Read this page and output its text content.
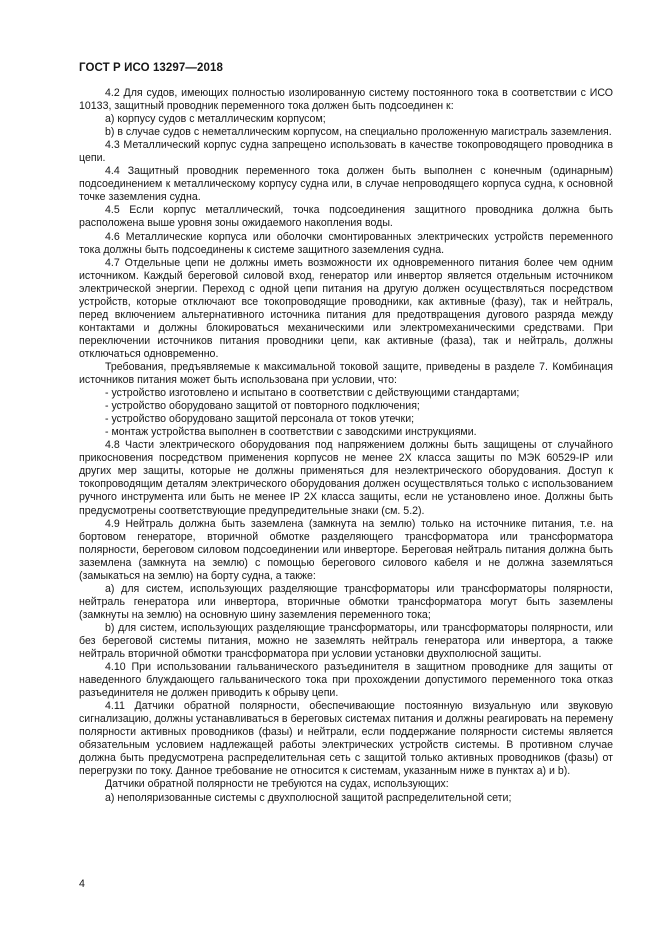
ГОСТ Р ИСО 13297—2018

4.2 Для судов, имеющих полностью изолированную систему постоянного тока в соответствии с ИСО 10133, защитный проводник переменного тока должен быть подсоединен к:

a) корпусу судов с металлическим корпусом;

b) в случае судов с неметаллическим корпусом, на специально проложенную магистраль заземления.

4.3 Металлический корпус судна запрещено использовать в качестве токопроводящего проводника в цепи.

4.4 Защитный проводник переменного тока должен быть выполнен с конечным (одинарным) подсоединением к металлическому корпусу судна или, в случае непроводящего корпуса судна, к основной точке заземления судна.

4.5 Если корпус металлический, точка подсоединения защитного проводника должна быть расположена выше уровня зоны ожидаемого накопления воды.

4.6 Металлические корпуса или оболочки смонтированных электрических устройств переменного тока должны быть подсоединены к системе защитного заземления судна.

4.7 Отдельные цепи не должны иметь возможности их одновременного питания более чем одним источником. Каждый береговой силовой вход, генератор или инвертор является отдельным источником электрической энергии. Переход с одной цепи питания на другую должен осуществляться посредством устройств, которые отключают все токопроводящие проводники, как активные (фазу), так и нейтраль, перед включением альтернативного источника питания для предотвращения дугового разряда между контактами и должны блокироваться механическими или электромеханическими средствами. При переключении источников питания проводники цепи, как активные (фаза), так и нейтраль, должны отключаться одновременно.

Требования, предъявляемые к максимальной токовой защите, приведены в разделе 7. Комбинация источников питания может быть использована при условии, что:

- устройство изготовлено и испытано в соответствии с действующими стандартами;

- устройство оборудовано защитой от повторного подключения;

- устройство оборудовано защитой персонала от токов утечки;

- монтаж устройства выполнен в соответствии с заводскими инструкциями.

4.8 Части электрического оборудования под напряжением должны быть защищены от случайного прикосновения посредством применения корпусов не менее 2Х класса защиты по МЭК 60529-IP или других мер защиты, которые не должны применяться для неэлектрического оборудования. Доступ к токопроводящим деталям электрического оборудования должен осуществляться только с использованием ручного инструмента или быть не менее IP 2X класса защиты, если не установлено иное. Должны быть предусмотрены соответствующие предупредительные знаки (см. 5.2).

4.9 Нейтраль должна быть заземлена (замкнута на землю) только на источнике питания, т.е. на бортовом генераторе, вторичной обмотке разделяющего трансформатора или трансформатора полярности, береговом силовом подсоединении или инверторе. Береговая нейтраль питания должна быть заземлена (замкнута на землю) с помощью берегового силового кабеля и не должна заземляться (замыкаться на землю) на борту судна, а также:

a) для систем, использующих разделяющие трансформаторы или трансформаторы полярности, нейтраль генератора или инвертора, вторичные обмотки трансформатора могут быть заземлены (замкнуты на землю) на основную шину заземления переменного тока;

b) для систем, использующих разделяющие трансформаторы, или трансформаторы полярности, или без береговой системы питания, можно не заземлять нейтраль генератора или инвертора, а также нейтраль вторичной обмотки трансформатора при условии установки двухполюсной защиты.

4.10 При использовании гальванического разъединителя в защитном проводнике для защиты от наведенного блуждающего гальванического тока при прохождении допустимого переменного тока отказ разъединителя не должен приводить к обрыву цепи.

4.11 Датчики обратной полярности, обеспечивающие постоянную визуальную или звуковую сигнализацию, должны устанавливаться в береговых системах питания и должны реагировать на перемену полярности активных проводников (фазы) и нейтрали, если поддержание полярности системы является обязательным условием надлежащей работы электрических устройств системы. В противном случае должна быть предусмотрена распределительная сеть с защитой только активных проводников (фазы) от перегрузки по току. Данное требование не относится к системам, указанным ниже в пунктах а) и b).

Датчики обратной полярности не требуются на судах, использующих:

a) неполяризованные системы с двухполюсной защитой распределительной сети;

4
